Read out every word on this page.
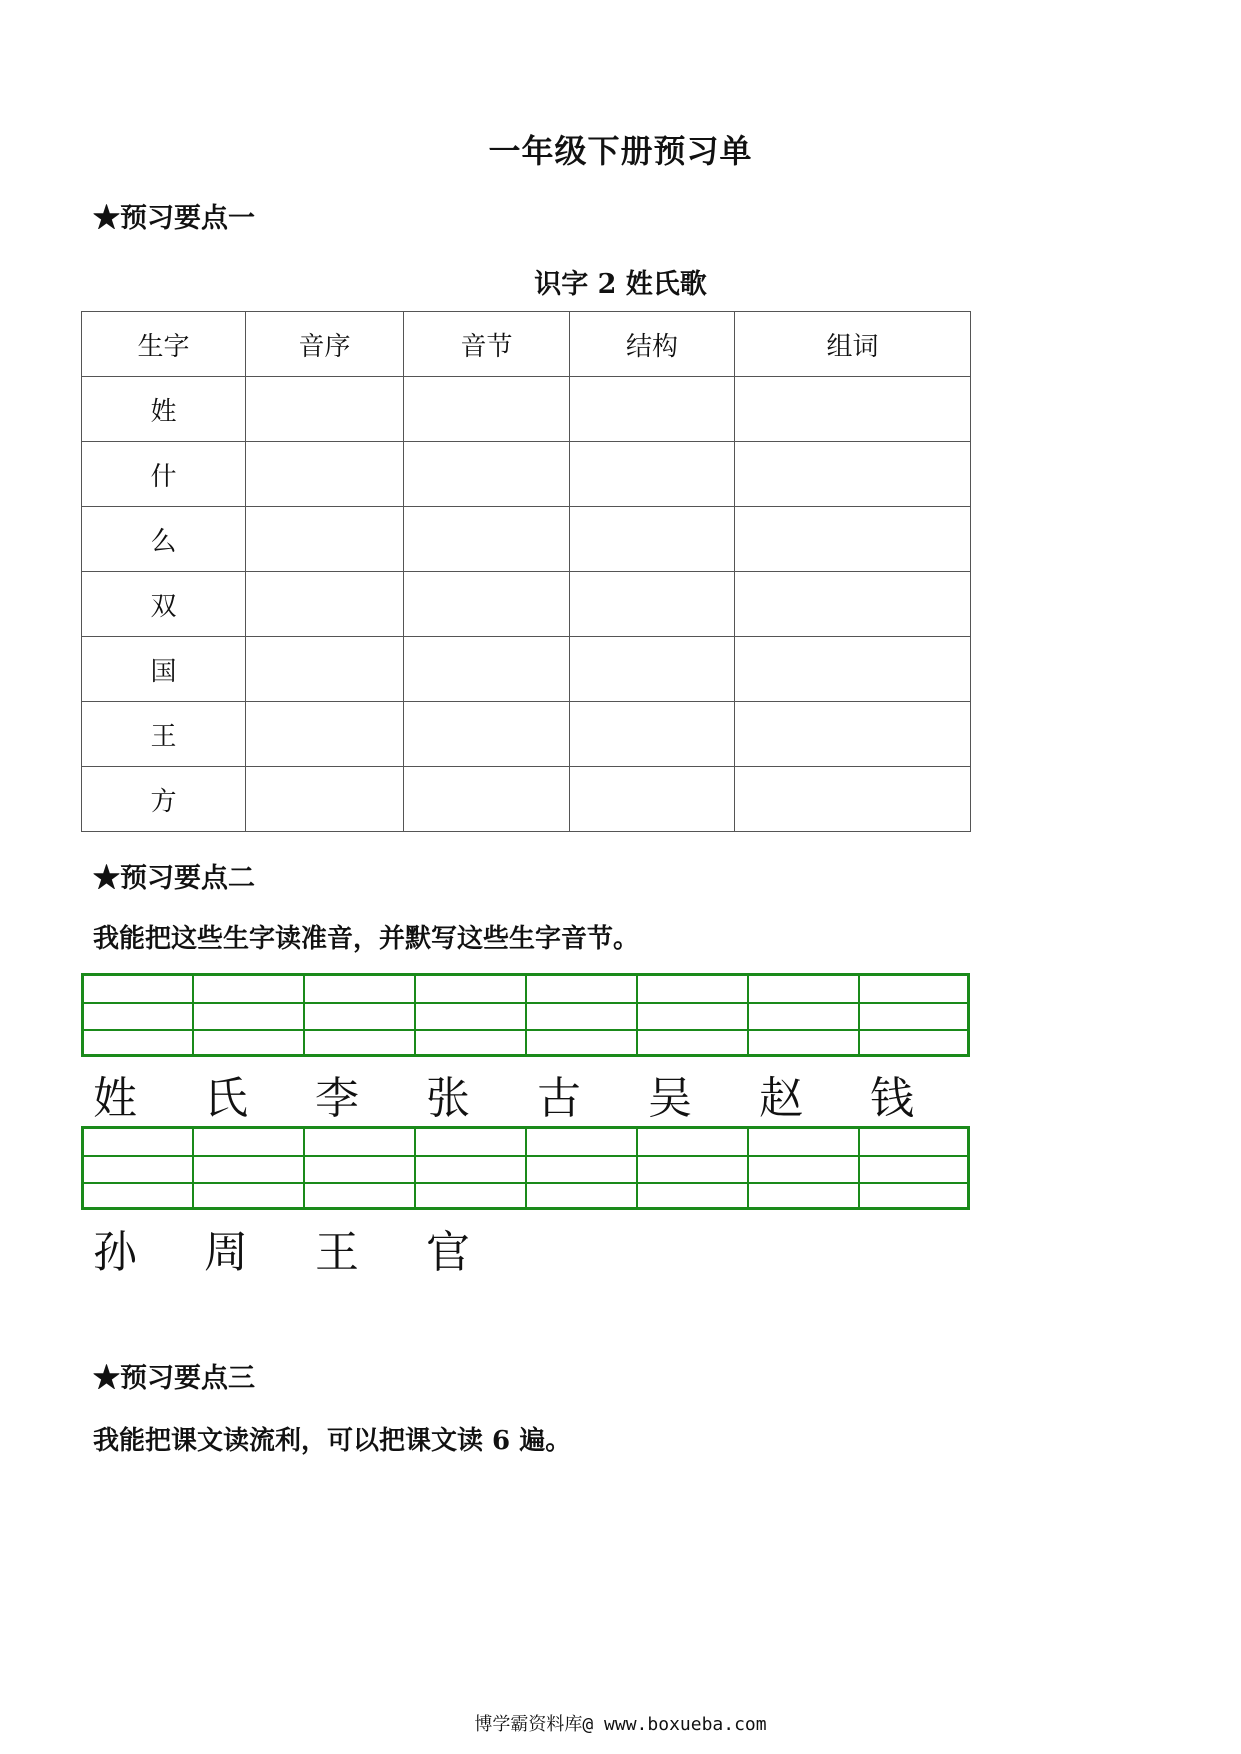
一年级下册预习单
★预习要点一
识字 2 姓氏歌
生字	音序	音节	结构	组词
姓				
什				
么				
双				
国				
王				
方				
★预习要点二
我能把这些生字读准音，并默写这些生字音节。
姓	氏	李	张	古	吴	赵	钱
孙	周	王	官
★预习要点三
我能把课文读流利，可以把课文读 6 遍。
博学霸资料库@ www.boxueba.com
